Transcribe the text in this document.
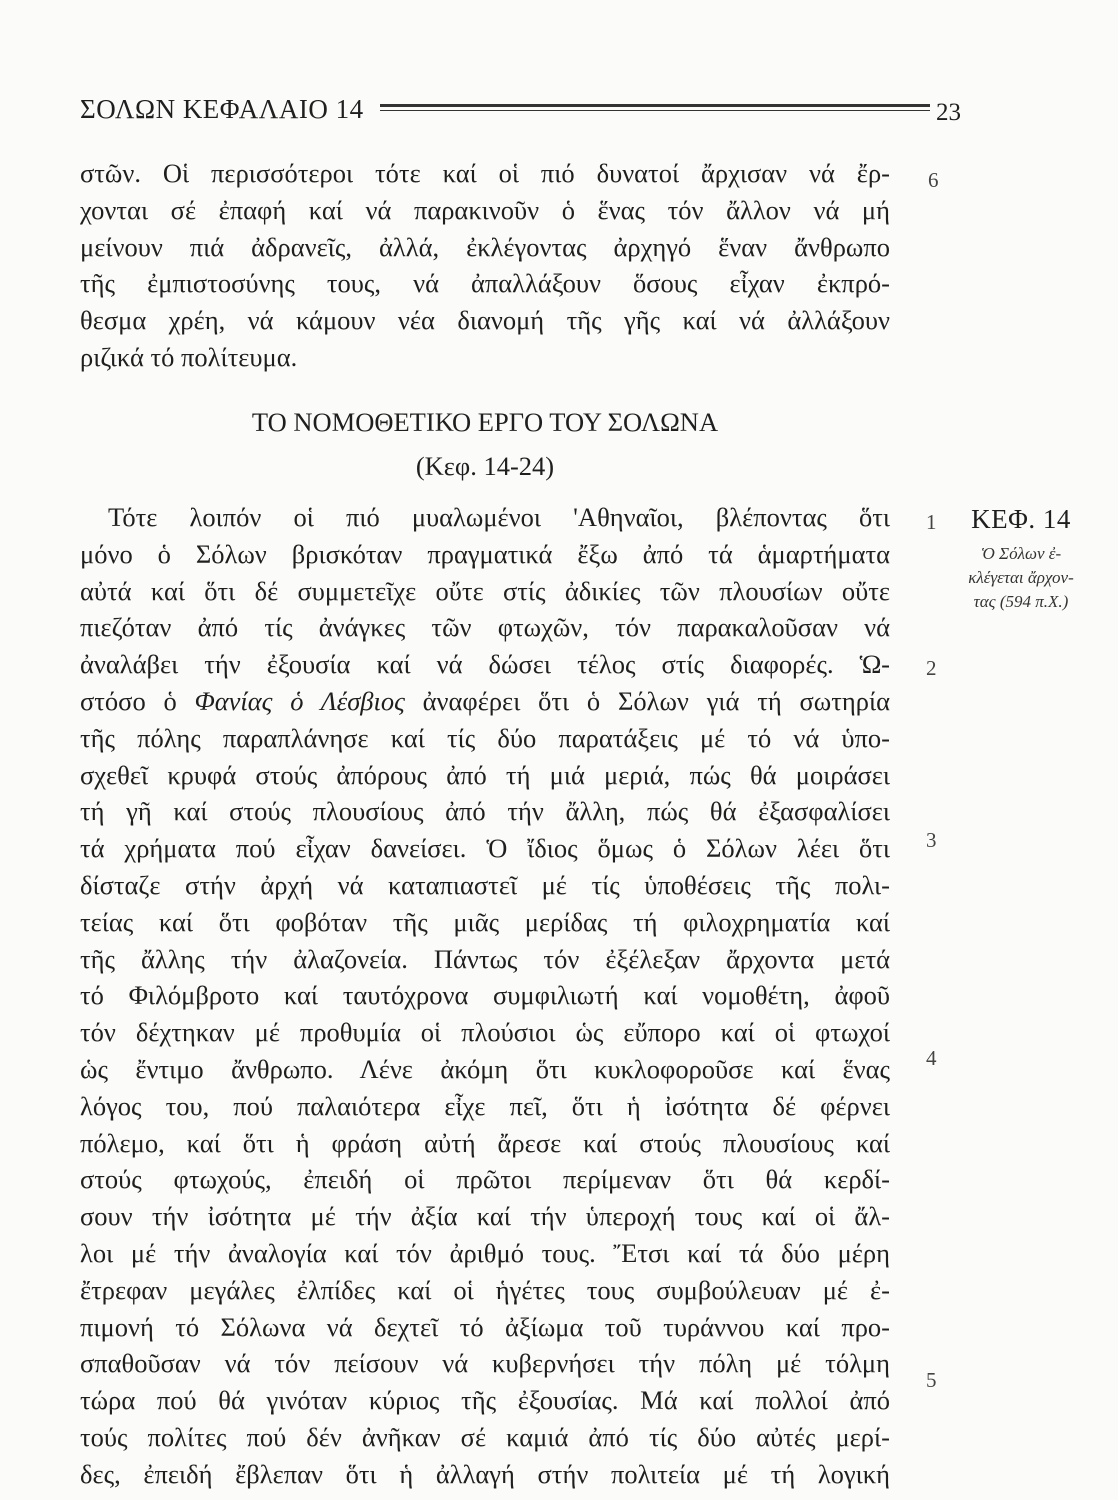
ΣΟΛΩΝ ΚΕΦΑΛΑΙΟ 14	23
στῶν. Οἱ περισσότεροι τότε καί οἱ πιό δυνατοί ἄρχισαν νά ἔρ-
χονται σέ ἐπαφή καί νά παρακινοῦν ὁ ἕνας τόν ἄλλον νά μή
μείνουν πιά ἀδρανεῖς, ἀλλά, ἐκλέγοντας ἀρχηγό ἕναν ἄνθρωπο
τῆς ἐμπιστοσύνης τους, νά ἀπαλλάξουν ὅσους εἶχαν ἐκπρό-
θεσμα χρέη, νά κάμουν νέα διανομή τῆς γῆς καί νά ἀλλάξουν
ριζικά τό πολίτευμα.
ΤΟ ΝΟΜΟΘΕΤΙΚΟ ΕΡΓΟ ΤΟΥ ΣΟΛΩΝΑ
(Κεφ. 14-24)
Τότε λοιπόν οἱ πιό μυαλωμένοι 'Αθηναῖοι, βλέποντας ὅτι
μόνο ὁ Σόλων βρισκόταν πραγματικά ἔξω ἀπό τά ἁμαρτήματα
αὐτά καί ὅτι δέ συμμετεῖχε οὔτε στίς ἀδικίες τῶν πλουσίων οὔτε
πιεζόταν ἀπό τίς ἀνάγκες τῶν φτωχῶν, τόν παρακαλοῦσαν νά
ἀναλάβει τήν ἐξουσία καί νά δώσει τέλος στίς διαφορές. Ὡ-
στόσο ὁ Φανίας ὁ Λέσβιος ἀναφέρει ὅτι ὁ Σόλων γιά τή σωτηρία
τῆς πόλης παραπλάνησε καί τίς δύο παρατάξεις μέ τό νά ὑπο-
σχεθεῖ κρυφά στούς ἀπόρους ἀπό τή μιά μεριά, πώς θά μοιράσει
τή γῆ καί στούς πλουσίους ἀπό τήν ἄλλη, πώς θά ἐξασφαλίσει
τά χρήματα πού εἶχαν δανείσει. Ὁ ἴδιος ὅμως ὁ Σόλων λέει ὅτι
δίσταζε στήν ἀρχή νά καταπιαστεῖ μέ τίς ὑποθέσεις τῆς πολι-
τείας καί ὅτι φοβόταν τῆς μιᾶς μερίδας τή φιλοχρηματία καί
τῆς ἄλλης τήν ἀλαζονεία. Πάντως τόν ἐξέλεξαν ἄρχοντα μετά
τό Φιλόμβροτο καί ταυτόχρονα συμφιλιωτή καί νομοθέτη, ἀφοῦ
τόν δέχτηκαν μέ προθυμία οἱ πλούσιοι ὡς εὔπορο καί οἱ φτωχοί
ὡς ἔντιμο ἄνθρωπο. Λένε ἀκόμη ὅτι κυκλοφοροῦσε καί ἕνας
λόγος του, πού παλαιότερα εἶχε πεῖ, ὅτι ἡ ἰσότητα δέ φέρνει
πόλεμο, καί ὅτι ἡ φράση αὐτή ἄρεσε καί στούς πλουσίους καί
στούς φτωχούς, ἐπειδή οἱ πρῶτοι περίμεναν ὅτι θά κερδί-
σουν τήν ἰσότητα μέ τήν ἀξία καί τήν ὑπεροχή τους καί οἱ ἄλ-
λοι μέ τήν ἀναλογία καί τόν ἀριθμό τους. Ἔτσι καί τά δύο μέρη
ἔτρεφαν μεγάλες ἐλπίδες καί οἱ ἡγέτες τους συμβούλευαν μέ ἐ-
πιμονή τό Σόλωνα νά δεχτεῖ τό ἀξίωμα τοῦ τυράννου καί προ-
σπαθοῦσαν νά τόν πείσουν νά κυβερνήσει τήν πόλη μέ τόλμη
τώρα πού θά γινόταν κύριος τῆς ἐξουσίας. Μά καί πολλοί ἀπό
τούς πολίτες πού δέν ἀνῆκαν σέ καμιά ἀπό τίς δύο αὐτές μερί-
δες, ἐπειδή ἔβλεπαν ὅτι ἡ ἀλλαγή στήν πολιτεία μέ τή λογική
6
1
2
3
4
5
ΚΕΦ. 14
Ὁ Σόλων ἐ-
κλέγεται ἄρχον-
τας (594 π.Χ.)
